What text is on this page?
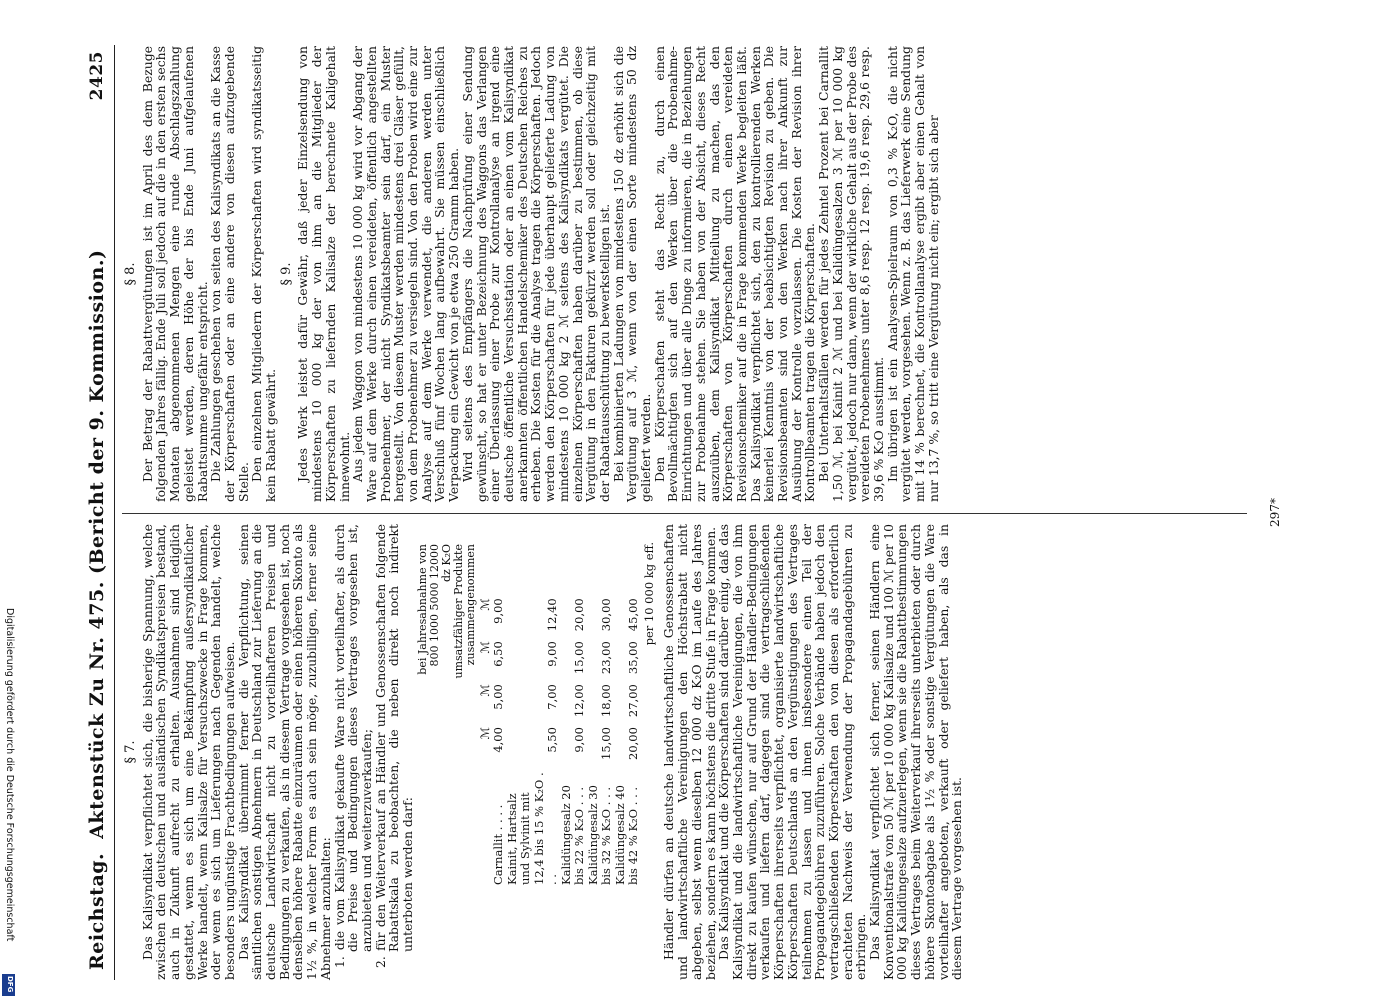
Reichstag.
Aktenstück Zu Nr. 475. (Bericht der 9. Kommission.)
2425
§ 7. Das Kalisyndikat verpflichtet sich, die bisherige Spannung, welche zwischen den deutschen und ausländischen Syndikatspreisen bestand, auch in Zukunft aufrecht zu erhalten. Ausnahmen sind lediglich gestattet, wenn es sich um eine Bekämpfung außersyndikatlicher Werke handelt, wenn Kalisalze für Versuchszwecke in Frage kommen, oder wenn es sich um Lieferungen nach Gegenden handelt, welche besonders ungünstige Frachtbedingungen aufweisen.

Das Kalisyndikat übernimmt ferner die Verpflichtung, seinen sämtlichen sonstigen Abnehmern in Deutschland zur Lieferung an die deutsche Landwirtschaft nicht zu vorteilhafteren Preisen und Bedingungen zu verkaufen, als in diesem Vertrage vorgesehen ist, noch denselben höhere Rabatte einzuräumen oder einen höheren Skonto als 1½ %, in welcher Form es auch sein möge, zuzubilligen, ferner seine Abnehmer anzuhalten:

1. die vom Kalisyndikat gekaufte Ware nicht vorteilhafter, als durch die Preise und Bedingungen dieses Vertrages vorgesehen ist, anzubieten und weiterzuverkaufen;

2. für den Weiterverkauf an Händler und Genossenschaften folgende Rabattskala zu beobachten, die neben direkt noch indirekt unterboten werden darf:

bei Jahresabnahme von 800 1000 5000 12000 dz K₂O umsatzfähiger Produkte zusammengenommen
	ℳ	ℳ	ℳ	ℳ
Carnallit . . . .	4,00	5,00	6,50	9,00
Kainit, Hartsalz und Sylvinit mit 12,4 bis 15 % K₂O . . .	5,50	7,00	9,00	12,40
Kalidüngesalz 20 bis 22 % K₂O . . .	9,00	12,00	15,00	20,00
Kalidüngesalz 30 bis 32 % K₂O . . .	15,00	18,00	23,00	30,00
Kalidüngesalz 40 bis 42 % K₂O . . .	20,00	27,00	35,00	45,00 per 10 000 kg eff. Händler dürfen an deutsche landwirtschaftliche Genossenschaften und landwirtschaftliche Vereinigungen den Höchstrabatt nicht abgeben, selbst wenn dieselben 12 000 dz K₂O im Laufe des Jahres beziehen, sondern es kann höchstens die dritte Stufe in Frage kommen.

Das Kalisyndikat und die Körperschaften sind darüber einig, daß das Kalisyndikat und die landwirtschaftliche Vereinigungen, die von ihm direkt zu kaufen wünschen, nur auf Grund der Händler-Bedingungen verkaufen und liefern darf, dagegen sind die vertragschließenden Körperschaften ihrerseits verpflichtet, organisierte landwirtschaftliche Körperschaften Deutschlands an den Vergünstigungen des Vertrages teilnehmen zu lassen und ihnen insbesondere einen Teil der Propagandegebühren zuzuführen. Solche Verbände haben jedoch den vertragschließenden Körperschaften den von diesen als erforderlich erachteten Nachweis der Verwendung der Propagandagebühren zu erbringen.

Das Kalisyndikat verpflichtet sich ferner, seinen Händlern eine Konventionalstrafe von 50 ℳ per 10 000 kg Kalisalze und 100 ℳ per 10 000 kg Kalidüngesalze aufzuerlegen, wenn sie die Rabattbestimmungen dieses Vertrages beim Weiterverkauf ihrerseits unterbieten oder durch höhere Skontoabgabe als 1½ % oder sonstige Vergütungen die Ware vorteilhafter angeboten, verkauft oder geliefert haben, als das in diesem Vertrage vorgesehen ist.

§ 8. Der Betrag der Rabattvergütungen ist im April des dem Bezuge folgenden Jahres fällig. Ende Juli soll jedoch auf die in den ersten sechs Monaten abgenommenen Mengen eine runde Abschlagszahlung geleistet werden, deren Höhe der bis Ende Juni aufgelaufenen Rabattsumme ungefähr entspricht.

Die Zahlungen geschehen von seiten des Kalisyndikats an die Kasse der Körperschaften oder an eine andere von diesen aufzugebende Stelle.

Den einzelnen Mitgliedern der Körperschaften wird syndikatsseitig kein Rabatt gewährt.

§ 9. Jedes Werk leistet dafür Gewähr, daß jeder Einzelsendung von mindestens 10 000 kg der von ihm an die Mitglieder der Körperschaften zu liefernden Kalisalze der berechnete Kaligehalt innewohnt.

Aus jedem Waggon von mindestens 10 000 kg wird vor Abgang der Ware auf dem Werke durch einen vereideten, öffentlich angestellten Probenehmer, der nicht Syndikatsbeamter sein darf, ein Muster hergestellt. Von diesem Muster werden mindestens drei Gläser gefüllt, von dem Probenehmer zu versiegeln sind. Von den Proben wird eine zur Analyse auf dem Werke verwendet, die anderen werden unter Verschluß fünf Wochen lang aufbewahrt. Sie müssen einschließlich Verpackung ein Gewicht von je etwa 250 Gramm haben.

Wird seitens des Empfängers die Nachprüfung einer Sendung gewünscht, so hat er unter Bezeichnung des Waggons das Verlangen einer Überlassung einer Probe zur Kontrollanalyse an irgend eine deutsche öffentliche Versuchsstation oder an einen vom Kalisyndikat anerkannten öffentlichen Handelschemiker des Deutschen Reiches zu erheben. Die Kosten für die Analyse tragen die Körperschaften. Jedoch werden den Körperschaften für jede überhaupt gelieferte Ladung von mindestens 10 000 kg 2 ℳ seitens des Kalisyndikats vergütet. Die einzelnen Körperschaften haben darüber zu bestimmen, ob diese Vergütung in den Fakturen gekürzt werden soll oder gleichzeitig mit der Rabattausschüttung zu bewerkstelligen ist.

Bei kombinierten Ladungen von mindestens 150 dz erhöht sich die Vergütung auf 3 ℳ, wenn von der einen Sorte mindestens 50 dz geliefert werden.

Den Körperschaften steht das Recht zu, durch einen Bevollmächtigten sich auf den Werken über die Probenahme-Einrichtungen und über alle Dinge zu informieren, die in Beziehungen zur Probenahme stehen. Sie haben von der Absicht, dieses Recht auszuüben, dem Kalisyndikat Mitteilung zu machen, das den Körperschaften von Körperschaften durch einen vereideten Revisionschemiker auf die in Frage kommenden Werke begleiten läßt. Das Kalisyndikat verpflichtet sich, den zu kontrollierenden Werken keinerlei Kenntnis von der beabsichtigten Revision zu geben. Die Revisionsbeamten sind von den Werken nach ihrer Ankunft zur Ausübung der Kontrolle vorzulassen. Die Kosten der Revision ihrer Kontrollbeamten tragen die Körperschaften.

Bei Unterhaltsfällen werden für jedes Zehntel Prozent bei Carnallit 1,50 ℳ, bei Kainit 2 ℳ und bei Kalidüngesalzen 3 ℳ per 10 000 kg vergütet, jedoch nur dann, wenn der wirkliche Gehalt aus der Probe des vereideten Probenehmers unter 8,6 resp. 12 resp. 19,6 resp. 29,6 resp. 39,6 % K₂O ausstimmt.

Im übrigen ist ein Analysen-Spielraum von 0,3 % K₂O, die nicht vergütet werden, vorgesehen. Wenn z. B. das Lieferwerk eine Sendung mit 14 % berechnet, die Kontrollanalyse ergibt aber einen Gehalt von nur 13,7 %, so tritt eine Vergütung nicht ein; ergibt sich aber

297*
Digitalisierung gefördert durch die Deutsche Forschungsgemeinschaft
DFG
